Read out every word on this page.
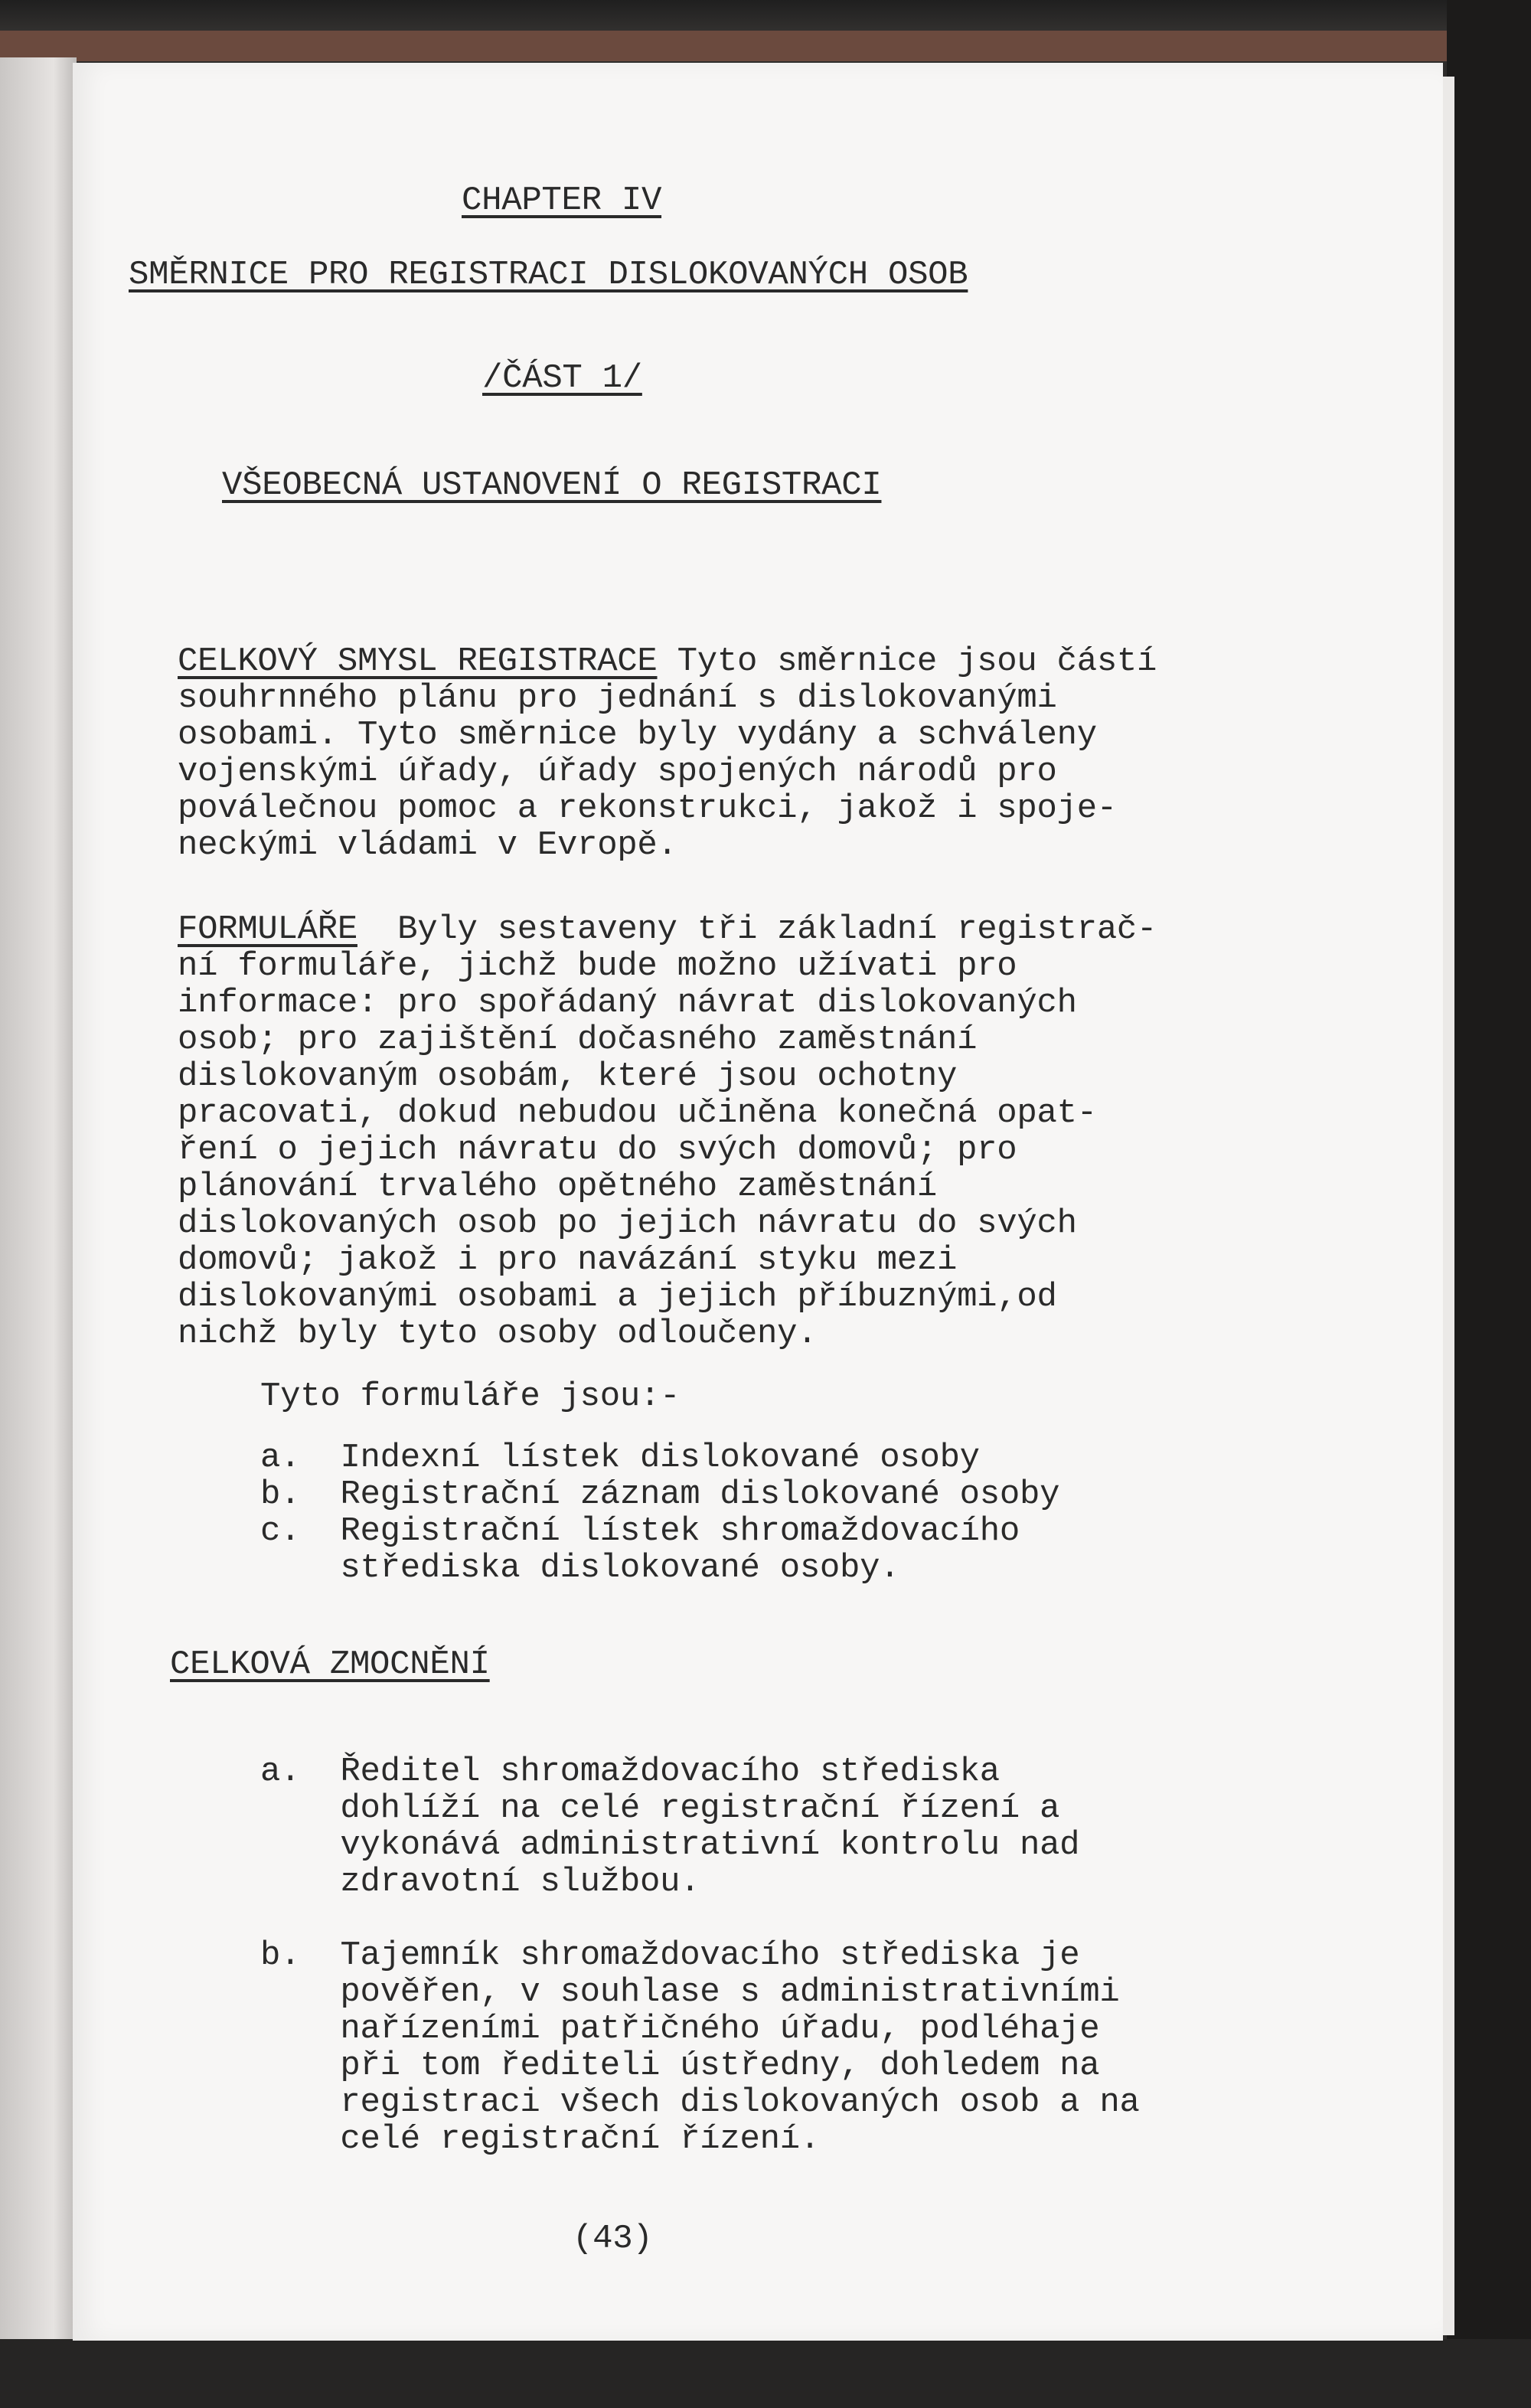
CHAPTER IV
SMĚRNICE PRO REGISTRACI DISLOKOVANÝCH OSOB
/ČÁST 1/
VŠEOBECNÁ USTANOVENÍ O REGISTRACI
CELKOVÝ SMYSL REGISTRACE Tyto směrnice jsou částí
souhrnného plánu pro jednání s dislokovanými
osobami. Tyto směrnice byly vydány a schváleny
vojenskými úřady, úřady spojených národů pro
poválečnou pomoc a rekonstrukci, jakož i spoje-
neckými vládami v Evropě.
FORMULÁŘE Byly sestaveny tři základní registrač-
ní formuláře, jichž bude možno užívati pro
informace: pro spořádaný návrat dislokovaných
osob; pro zajištění dočasného zaměstnání
dislokovaným osobám, které jsou ochotny
pracovati, dokud nebudou učiněna konečná opat-
ření o jejich návratu do svých domovů; pro
plánování trvalého opětného zaměstnání
dislokovaných osob po jejich návratu do svých
domovů; jakož i pro navázání styku mezi
dislokovanými osobami a jejich příbuznými,od
nichž byly tyto osoby odloučeny.
Tyto formuláře jsou:-
a. Indexní lístek dislokované osoby
b. Registrační záznam dislokované osoby
c. Registrační lístek shromaždovacího
střediska dislokované osoby.
CELKOVÁ ZMOCNĚNÍ
a. Ředitel shromaždovacího střediska
dohlíží na celé registrační řízení a
vykonává administrativní kontrolu nad
zdravotní službou.
b. Tajemník shromaždovacího střediska je
pověřen, v souhlase s administrativními
nařízeními patřičného úřadu, podléhaje
při tom řediteli ústředny, dohledem na
registraci všech dislokovaných osob a na
celé registrační řízení.
(43)
